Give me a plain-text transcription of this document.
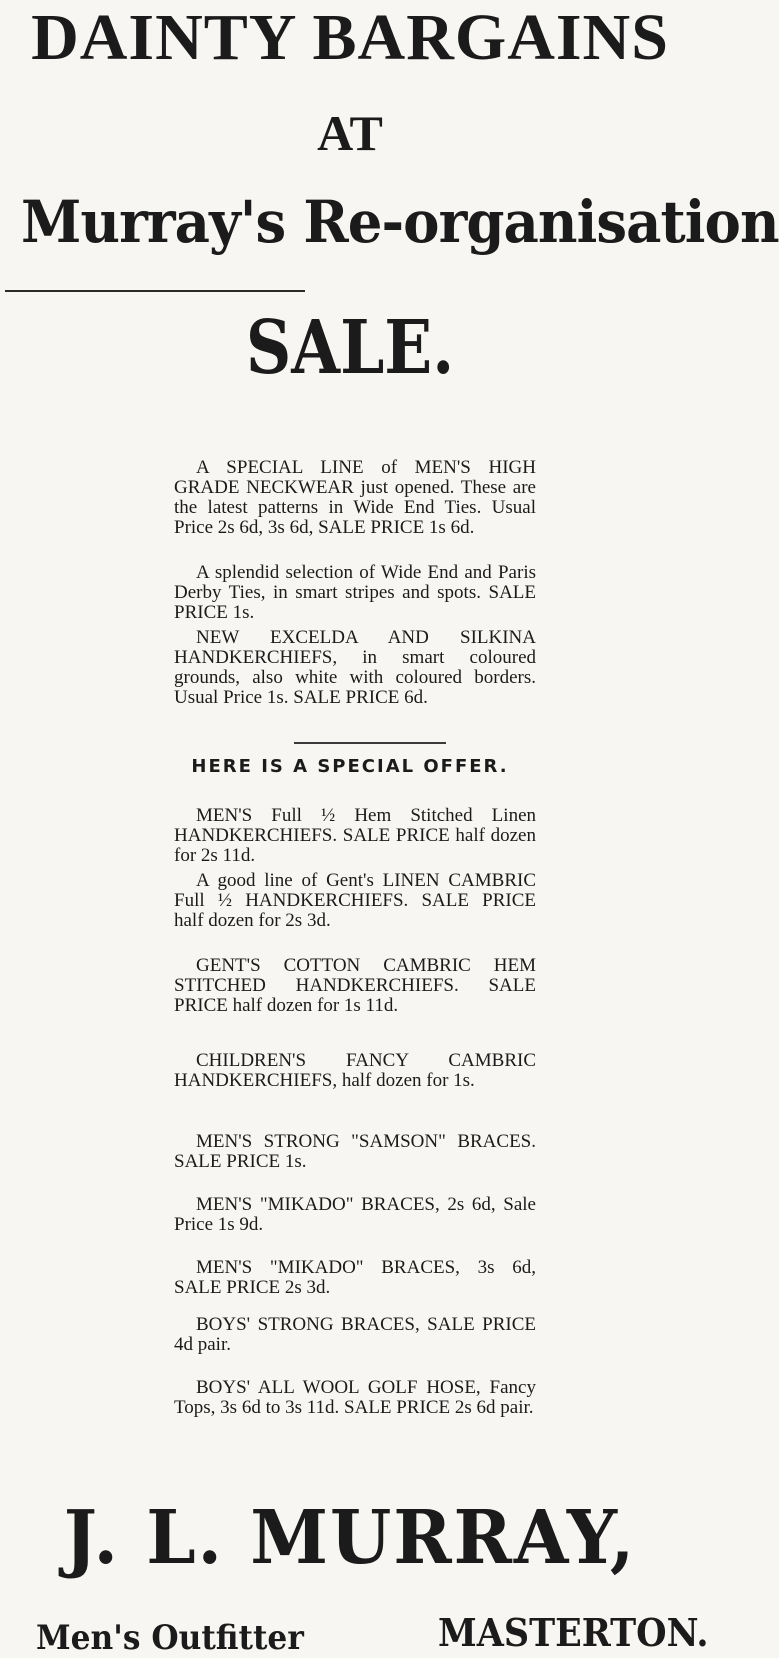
DAINTY BARGAINS
AT
Murray's Re-organisation
SALE.

A SPECIAL LINE of MEN'S HIGH GRADE NECKWEAR just opened. These are the latest patterns in Wide End Ties. Usual Price 2s 6d, 3s 6d, SALE PRICE 1s 6d.

A splendid selection of Wide End and Paris Derby Ties, in smart stripes and spots. SALE PRICE 1s.

NEW EXCELDA AND SILKINA HANDKERCHIEFS, in smart coloured grounds, also white with coloured borders. Usual Price 1s. SALE PRICE 6d.

HERE IS A SPECIAL OFFER.

MEN'S Full ½ Hem Stitched Linen HANDKERCHIEFS. SALE PRICE half dozen for 2s 11d.

A good line of Gent's LINEN CAMBRIC Full ½ HANDKERCHIEFS. SALE PRICE half dozen for 2s 3d.

GENT'S COTTON CAMBRIC HEM STITCHED HANDKERCHIEFS. SALE PRICE half dozen for 1s 11d.

CHILDREN'S FANCY CAMBRIC HANDKERCHIEFS, half dozen for 1s.

MEN'S STRONG "SAMSON" BRACES. SALE PRICE 1s.

MEN'S "MIKADO" BRACES, 2s 6d, Sale Price 1s 9d.

MEN'S "MIKADO" BRACES, 3s 6d, SALE PRICE 2s 3d.

BOYS' STRONG BRACES, SALE PRICE 4d pair.

BOYS' ALL WOOL GOLF HOSE, Fancy Tops, 3s 6d to 3s 11d. SALE PRICE 2s 6d pair.

J. L. MURRAY,
Men's Outfitter	MASTERTON.
